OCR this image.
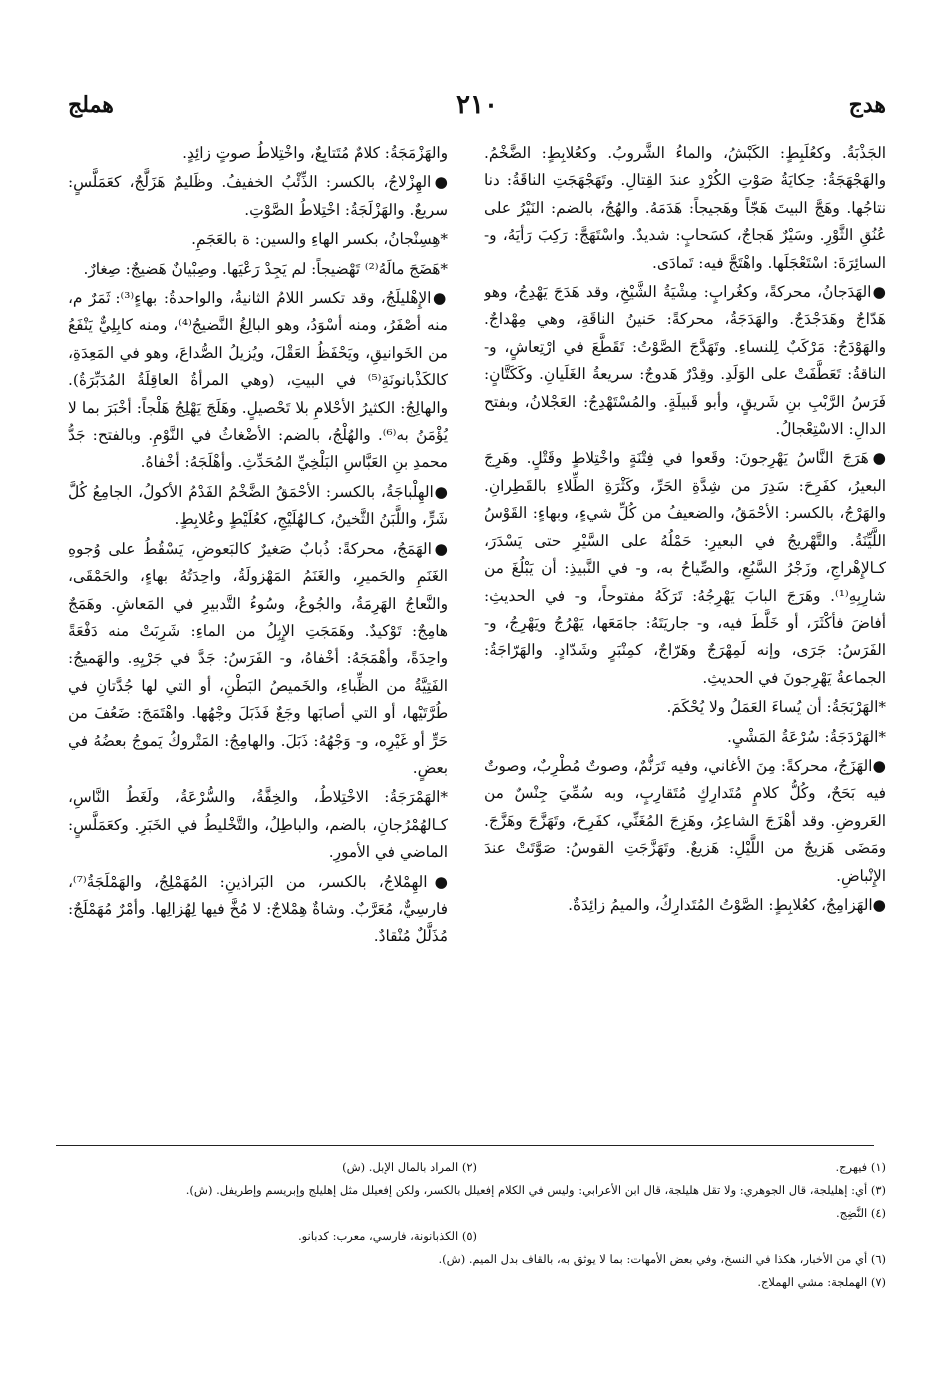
هدج
٢١٠
هملج

الجَذْبَةُ. وكعُلَبِطٍ: الكَبْشُ، والماءُ الشَّروبُ. وكعُلابِطٍ: الضَّخْمُ. والهَجْهَجَةُ: حِكايَةُ صَوْتِ الكُرْدِ عندَ القِتالِ. وتَهَجْهَجَتِ الناقَةُ: دنا نتاجُها. وهَجَّ البيتَ هَجّاً وهَجيجاً: هَدَمَهُ. والهُجُ، بالضم: النَيْرُ على عُنُقِ الثَّوْرِ. وسَيْرٌ هَجاجٌ، كسَحابٍ: شديدٌ. واسْتَهَجَّ: رَكِبَ رَأيَهُ، و- السائِرَةَ: اسْتَعْجَلَها. واهْتَجَّ فيه: تَمادَى.

●الهَدَجانُ، محركةً، وكغُرابٍ: مِشْيَةُ الشَّيْخِ، وقد هَدَجَ يَهْدِجُ، وهو هَدّاجٌ وهَدَجْدَجٌ. والهَدَجَةُ، محركةً: حَنينُ الناقَةِ، وهي مِهْداجٌ. والهَوْدَجُ: مَرْكَبٌ لِلنساءِ. وتَهَدَّجَ الصَّوْتُ: تَقَطَّعَ في ارْتِعاشٍ، و- الناقةُ: تَعَطَّفَتْ على الوَلَدِ. وقِدْرٌ هَدوجٌ: سريعةُ الغَلَيانِ. وكَكَتَّانٍ: فَرَسُ الرَّبْبِ بنِ شَريقٍ، وأبو قَبيلَةٍ. والمُسْتَهْدِجُ: العَجْلانُ، وبفتح الدالِ: الاسْتِعْجالُ.

●هَرَجَ النَّاسُ يَهْرِجونَ: وقَعوا في فِتْنَةٍ واخْتِلاطٍ وقَتْلٍ. وهَرِجَ البعيرُ، كفَرِحَ: سَدِرَ من شِدَّةِ الحَرِّ، وكَثْرَةِ الطِّلاءِ بالقَطِرانِ. والهَرْجُ، بالكسر: الأحْمَقُ، والضعيفُ من كُلِّ شيءٍ، وبهاءٍ: القَوْسُ اللَّيِّنَةُ. والتَّهْريجُ في البعيرِ: حَمْلُهُ على السَّيْرِ حتى يَسْدَرَ، كـالإِهْراجِ، وزَجْرُ السَّبُعِ، والصِّياحُ به، و- في النَّبيذِ: أن يَبْلُغَ من شارِبِهِ⁽¹⁾. وهَرَجَ البابَ يَهْرِجُهُ: تَرَكَهُ مفتوحاً، و- في الحديثِ: أفاضَ فأكْثَرَ، أو خَلَّطَ فيه، و- جاريَتَهُ: جامَعَها، يَهْرُجُ ويَهْرِجُ، و- الفَرَسُ: جَرَى، وإنه لَمِهْرَجٌ وهَرّاجٌ، كمِنْبَرٍ وشَدّادٍ. والهَرّاجَةُ: الجماعةُ يَهْرِجونَ في الحديثِ.

*الهَرْبَجَةُ: أن يُساءَ العَمَلُ ولا يُحْكَمَ.

*الهَرْدَجَةُ: سُرْعَةُ المَشْيِ.

●الهَزَجُ، محركةً: مِنَ الأغاني، وفيه تَرَنُّمٌ، وصوتٌ مُطْرِبٌ، وصوتٌ فيه بَحَحٌ، وكُلُّ كلامٍ مُتَدارِكٍ مُتَقارِبٍ، وبه سُمِّيَ جِنْسٌ من العَروضِ. وقد أهْزَجَ الشاعِرُ، وهَزِجَ المُغَنِّي، كفَرِحَ، وتَهَزَّجَ وهَزَّجَ. ومَضَى هَزيجٌ من اللَّيْلِ: هَزيعٌ. وتَهَزَّجَتِ القوسُ: صَوَّتَتْ عندَ الإِنْباضِ.

●الهَزامِجُ، كعُلابِطٍ: الصَّوْتُ المُتَدارِكُ، والميمُ زائِدَةٌ.

والهَزْمَجَةُ: كلامٌ مُتَتابِعٌ، واخْتِلاطُ صوتٍ زائِدٍ.

●الهِزْلاجُ، بالكسر: الذِّئْبُ الخفيفُ. وظَليمٌ هَزَلَّجٌ، كعَمَلَّسٍ: سريعٌ. والهَزْلَجَةُ: اخْتِلاطُ الصَّوْتِ.

*هِسِنْجانُ، بكسر الهاءِ والسين: ة بالعَجَمِ.

*هَضَجَ مالَهُ⁽²⁾ تَهْضيجاً: لم يَجِدْ رَعْيَها. وصِبْيانٌ هَضيجٌ: صِغارٌ.

●الإِهْليلَجُ، وقد تكسر اللامُ الثانيةُ، والواحدةُ: بهاءٍ⁽³⁾: ثَمَرٌ م، منه أصْفَرُ، ومنه أسْوَدُ، وهو البالِغُ النَّضيجُ⁽⁴⁾، ومنه كابِلِيٌّ يَنْفَعُ من الخَوانيقِ، ويَحْفَظُ العَقْلَ، ويُزيلُ الصُّداعَ، وهو في المَعِدَةِ، كالكَذْبانونَةِ⁽⁵⁾ في البيتِ، (وهي المرأةُ العاقِلَةُ المُدَبِّرَةُ). والهالِجُ: الكثيرُ الأحْلامِ بلا تَحْصيلٍ. وهَلَجَ يَهْلِجُ هَلْجاً: أخْبَرَ بما لا يُؤْمَنُ به⁽⁶⁾. والهُلْجُ، بالضم: الأضْغاثُ في النَّوْمِ. وبالفتح: جَدُّ محمدِ بنِ العَبَّاسِ البَلْخِيِّ المُحَدِّثِ. وأهْلَجَهُ: أخْفاهُ.

●الهِلْباجَةُ، بالكسر: الأحْمَقُ الضَّخْمُ الفَدْمُ الأكولُ، الجامِعُ كُلَّ شَرٍّ، واللَّبَنُ الثَّخينُ، كـالهُلَيْجِ، كعُلَيْطٍ وعُلابِطٍ.

●الهَمَجُ، محركةً: ذُبابٌ صَغيرٌ كالبَعوضِ، يَسْقُطُ على وُجوهِ الغَنَمِ والحَميرِ، والغَنَمُ المَهْزولَةُ، واحِدَتُهُ بهاءٍ، والحَمْقَى، والنَّعاجُ الهَرِمَةُ، والجُوعُ، وسُوءُ التَّدبيرِ في المَعاشِ. وهَمَجٌ هامِجٌ: تَوْكيدٌ. وهَمَجَتِ الإِبِلُ من الماءِ: شَرِبَتْ منه دَفْعَةً واحِدَةً، وأهْمَجَهُ: أخْفاهُ، و- الفَرَسُ: جَدَّ في جَرْيِهِ. والهَميجُ: الفَتِيَّةُ من الظِّباءِ، والخَميصُ البَطْنِ، أو التي لها جُدَّتانِ في طُرَّتَيْها، أو التي أصابَها وجَعٌ فَذَبَلَ وجْهُها. واهْتَمَجَ: ضَعُفَ من حَرٍّ أو غَيْرِه، و- وَجْهُهُ: ذَبَلَ. والهامِجُ: المَتْروكُ يَموجُ بعضُهُ في بعضٍ.

*الهَمْرَجَةُ: الاخْتِلاطُ، والخِفَّةُ، والسُّرْعَةُ، ولَغَطُ النَّاسِ، كـالهُمْرُجانِ، بالضم، والباطِلُ، والتَّخْليطُ في الخَبَرِ. وكعَمَلَّسٍ: الماضي في الأمورِ.

●الهِمْلاجُ، بالكسر، من البَراذينِ: المُهَمْلِجُ، والهَمْلَجَةُ⁽⁷⁾، فارسِيٌّ، مُعَرَّبٌ. وشاةٌ هِمْلاجٌ: لا مُخَّ فيها لِهُزالِها. وأمْرٌ مُهَمْلَجٌ: مُذَلَّلٌ مُنْقادٌ.

(١) فيهرج.
(٢) المراد بالمال الإبل. (ش)
(٣) أي: إهليلجة، قال الجوهري: ولا تقل هليلجة، قال ابن الأعرابي: وليس في الكلام إفعيلل بالكسر، ولكن إفعيلل مثل إهليلج وإبريسم وإطريفل. (ش).
(٤) النَّضِج.
(٥) الكذبانونة، فارسي، معرب: كدبانو.
(٦) أي من الأخبار، هكذا في النسخ، وفي بعض الأمهات: بما لا يوثق به، بالقاف بدل الميم. (ش).
(٧) الهملجة: مشي الهملاج.
